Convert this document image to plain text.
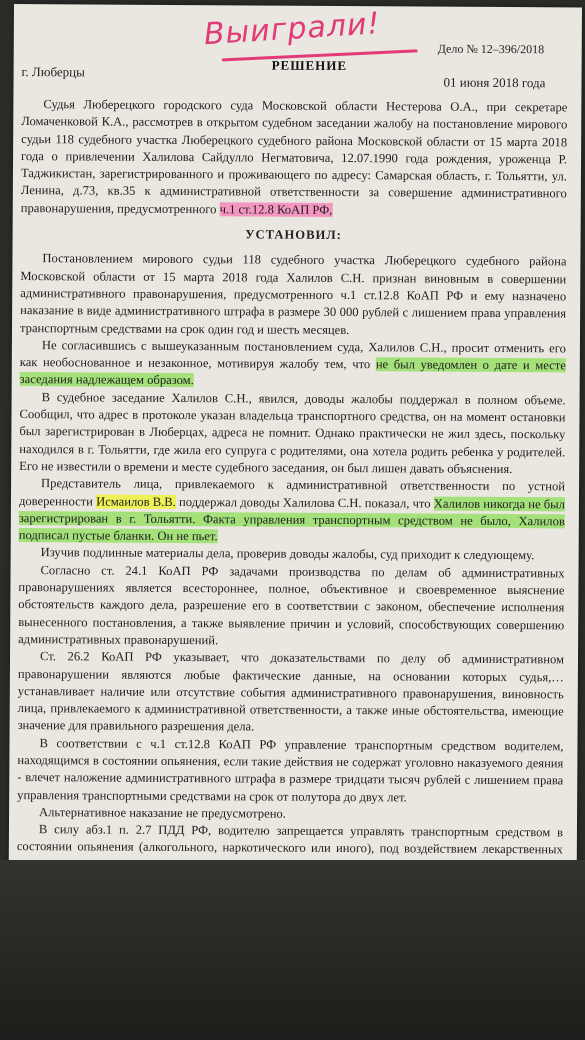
Выиграли!	Дело № 12–396/2018
РЕШЕНИЕ
г. Люберцы
01 июня 2018 года

Судья Люберецкого городского суда Московской области Нестерова О.А., при секретаре Ломаченковой К.А., рассмотрев в открытом судебном заседании жалобу на постановление мирового судьи 118 судебного участка Люберецкого судебного района Московской области от 15 марта 2018 года о привлечении Халилова Сайдулло Негматовича, 12.07.1990 года рождения, уроженца Р. Таджикистан, зарегистрированного и проживающего по адресу: Самарская область, г. Тольятти, ул. Ленина, д.73, кв.35 к административной ответственности за совершение административного правонарушения, предусмотренного ч.1 ст.12.8 КоАП РФ,

УСТАНОВИЛ:

Постановлением мирового судьи 118 судебного участка Люберецкого судебного района Московской области от 15 марта 2018 года Халилов С.Н. признан виновным в совершении административного правонарушения, предусмотренного ч.1 ст.12.8 КоАП РФ и ему назначено наказание в виде административного штрафа в размере 30 000 рублей с лишением права управления транспортным средствами на срок один год и шесть месяцев.

Не согласившись с вышеуказанным постановлением суда, Халилов С.Н., просит отменить его как необоснованное и незаконное, мотивируя жалобу тем, что не был уведомлен о дате и месте заседания надлежащем образом.

В судебное заседание Халилов С.Н., явился, доводы жалобы поддержал в полном объеме. Сообщил, что адрес в протоколе указан владельца транспортного средства, он на момент остановки был зарегистрирован в Люберцах, адреса не помнит. Однако практически не жил здесь, поскольку находился в г. Тольятти, где жила его супруга с родителями, она хотела родить ребенка у родителей. Его не известили о времени и месте судебного заседания, он был лишен давать объяснения.

Представитель лица, привлекаемого к административной ответственности по устной доверенности Исмаилов В.В. поддержал доводы Халилова С.Н. показал, что Халилов никогда не был зарегистрирован в г. Тольятти. Факта управления транспортным средством не было, Халилов подписал пустые бланки. Он не пьет.

Изучив подлинные материалы дела, проверив доводы жалобы, суд приходит к следующему.

Согласно ст. 24.1 КоАП РФ задачами производства по делам об административных правонарушениях является всестороннее, полное, объективное и своевременное выяснение обстоятельств каждого дела, разрешение его в соответствии с законом, обеспечение исполнения вынесенного постановления, а также выявление причин и условий, способствующих совершению административных правонарушений.

Ст. 26.2 КоАП РФ указывает, что доказательствами по делу об административном правонарушении являются любые фактические данные, на основании которых судья,… устанавливает наличие или отсутствие события административного правонарушения, виновность лица, привлекаемого к административной ответственности, а также иные обстоятельства, имеющие значение для правильного разрешения дела.

В соответствии с ч.1 ст.12.8 КоАП РФ управление транспортным средством водителем, находящимся в состоянии опьянения, если такие действия не содержат уголовно наказуемого деяния - влечет наложение административного штрафа в размере тридцати тысяч рублей с лишением права управления транспортными средствами на срок от полутора до двух лет.

Альтернативное наказание не предусмотрено.

В силу абз.1 п. 2.7 ПДД РФ, водителю запрещается управлять транспортным средством в состоянии опьянения (алкогольного, наркотического или иного), под воздействием лекарственных
